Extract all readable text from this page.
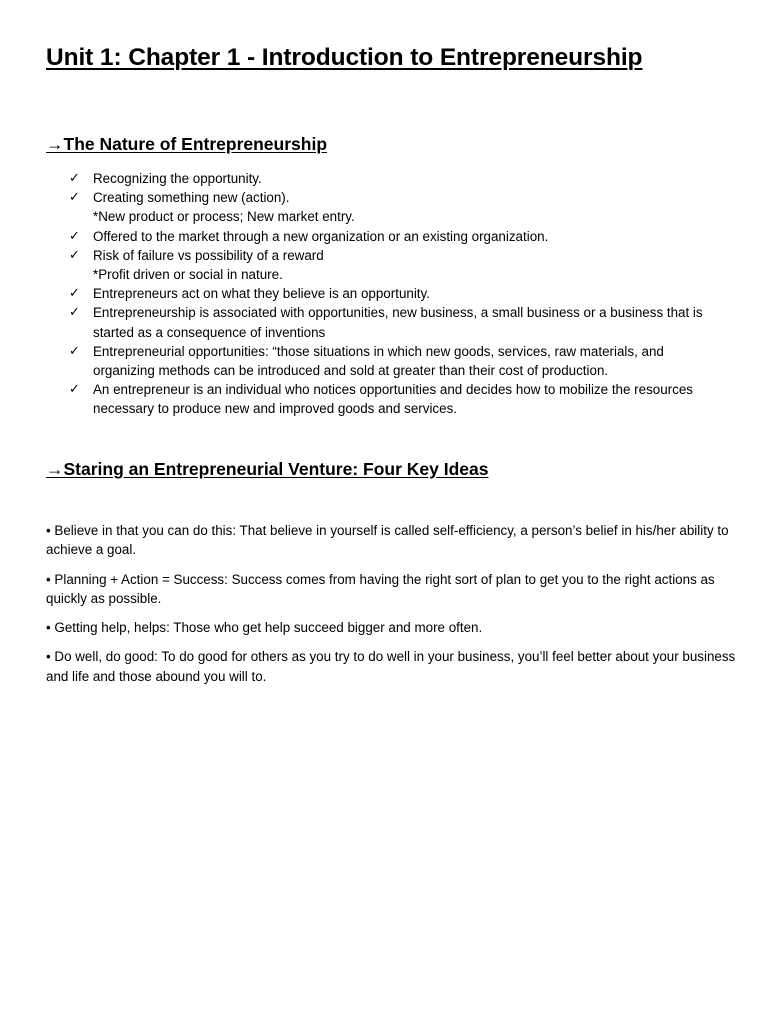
Unit 1: Chapter 1 - Introduction to Entrepreneurship
→The Nature of Entrepreneurship
✓ Recognizing the opportunity.
✓ Creating something new (action).
*New product or process; New market entry.
✓ Offered to the market through a new organization or an existing organization.
✓ Risk of failure vs possibility of a reward
*Profit driven or social in nature.
✓ Entrepreneurs act on what they believe is an opportunity.
✓ Entrepreneurship is associated with opportunities, new business, a small business or a business that is started as a consequence of inventions
✓ Entrepreneurial opportunities: “those situations in which new goods, services, raw materials, and organizing methods can be introduced and sold at greater than their cost of production.
✓ An entrepreneur is an individual who notices opportunities and decides how to mobilize the resources necessary to produce new and improved goods and services.
→Staring an Entrepreneurial Venture: Four Key Ideas

• Believe in that you can do this: That believe in yourself is called self-efficiency, a person’s belief in his/her ability to achieve a goal.

• Planning + Action = Success: Success comes from having the right sort of plan to get you to the right actions as quickly as possible.

• Getting help, helps: Those who get help succeed bigger and more often.

• Do well, do good: To do good for others as you try to do well in your business, you’ll feel better about your business and life and those abound you will to.
